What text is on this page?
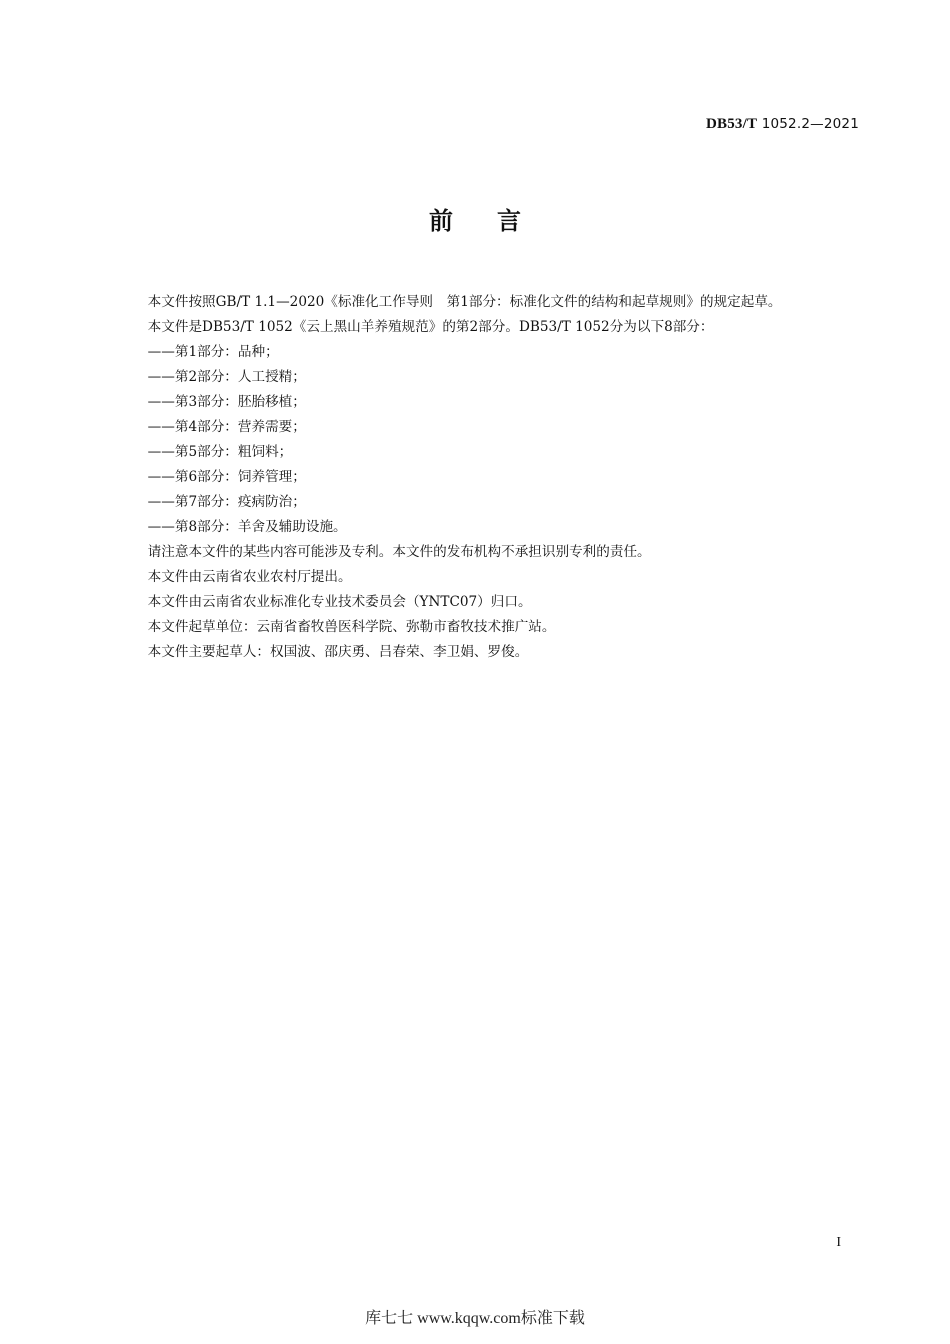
DB53/T 1052.2—2021
前言

本文件按照GB/T 1.1—2020《标准化工作导则　第1部分：标准化文件的结构和起草规则》的规定起草。

本文件是DB53/T 1052《云上黑山羊养殖规范》的第2部分。DB53/T 1052分为以下8部分：

——第1部分：品种；

——第2部分：人工授精；

——第3部分：胚胎移植；

——第4部分：营养需要；

——第5部分：粗饲料；

——第6部分：饲养管理；

——第7部分：疫病防治；

——第8部分：羊舍及辅助设施。

请注意本文件的某些内容可能涉及专利。本文件的发布机构不承担识别专利的责任。

本文件由云南省农业农村厅提出。

本文件由云南省农业标准化专业技术委员会（YNTC07）归口。

本文件起草单位：云南省畜牧兽医科学院、弥勒市畜牧技术推广站。

本文件主要起草人：权国波、邵庆勇、吕春荣、李卫娟、罗俊。

I
库七七 www.kqqw.com标准下载
